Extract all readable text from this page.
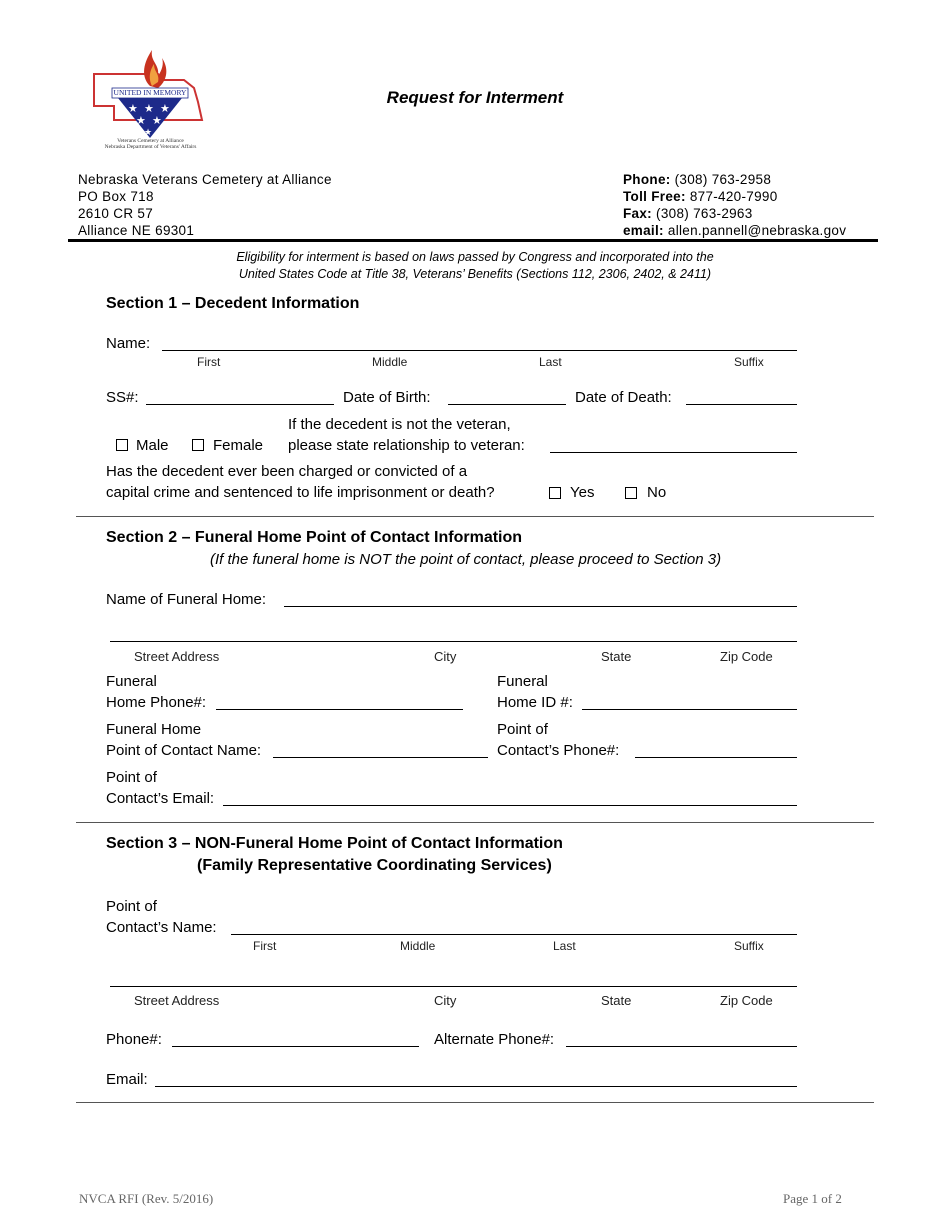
★ ★ ★
★ ★
★
UNITED IN MEMORY
Veterans Cemetery at Alliance
Nebraska Department of Veterans' Affairs
Request for Interment
Nebraska Veterans Cemetery at Alliance
PO Box 718
2610 CR 57
Alliance NE 69301
Phone: (308) 763-2958
Toll Free: 877-420-7990
Fax: (308) 763-2963
email: allen.pannell@nebraska.gov
Eligibility for interment is based on laws passed by Congress and incorporated into the
United States Code at Title 38, Veterans’ Benefits (Sections 112, 2306, 2402, & 2411)
Section 1 – Decedent Information
Name:
First	Middle	Last	Suffix
SS#:	Date of Birth:	Date of Death:
If the decedent is not the veteran,
Male	Female please state relationship to veteran:
Has the decedent ever been charged or convicted of a
capital crime and sentenced to life imprisonment or death?	Yes	No
Section 2 – Funeral Home Point of Contact Information
(If the funeral home is NOT the point of contact, please proceed to Section 3)
Name of Funeral Home:
Street Address	City	State	Zip Code
Funeral
Home Phone#:
Funeral
Home ID #:
Funeral Home
Point of Contact Name:
Point of
Contact’s Phone#:
Point of
Contact’s Email:
Section 3 – NON-Funeral Home Point of Contact Information
(Family Representative Coordinating Services)
Point of
Contact’s Name:
First	Middle	Last	Suffix
Street Address	City	State	Zip Code
Phone#:	Alternate Phone#:
Email:
NVCA RFI (Rev. 5/2016)	Page 1 of 2
